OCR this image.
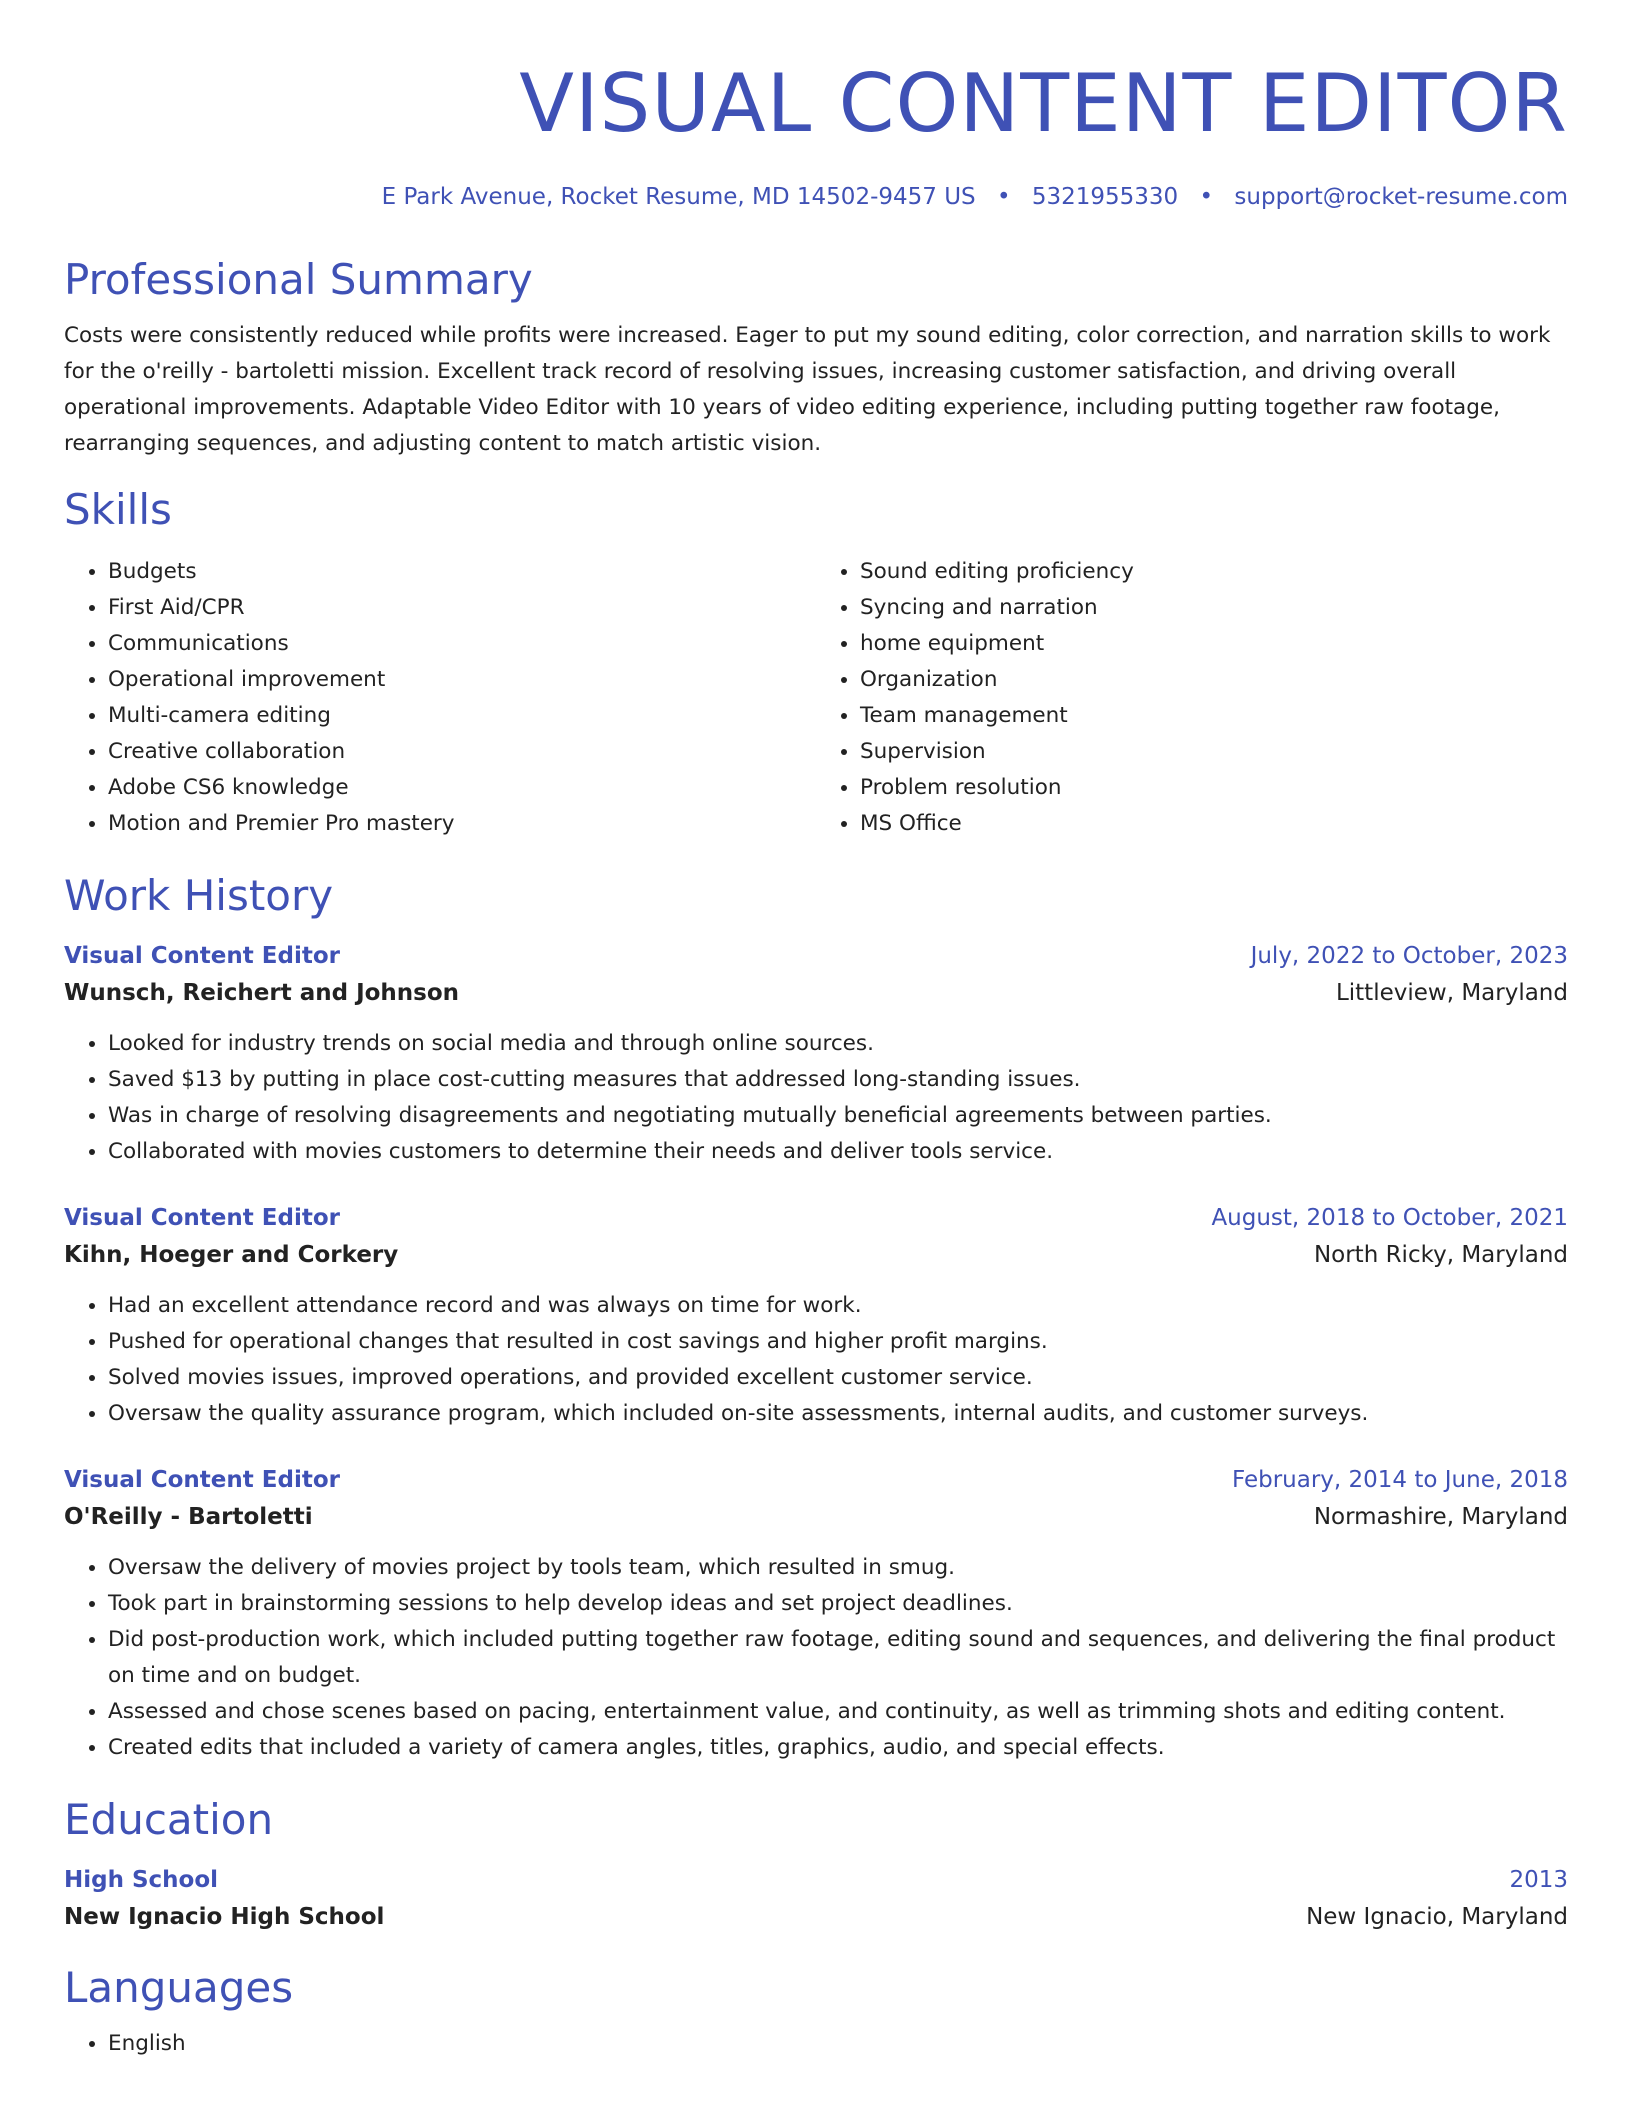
VISUAL CONTENT EDITOR
E Park Avenue, Rocket Resume, MD 14502-9457 US • 5321955330 • support@rocket-resume.com
Professional Summary
Costs were consistently reduced while profits were increased. Eager to put my sound editing, color correction, and narration skills to work for the o'reilly - bartoletti mission. Excellent track record of resolving issues, increasing customer satisfaction, and driving overall operational improvements. Adaptable Video Editor with 10 years of video editing experience, including putting together raw footage, rearranging sequences, and adjusting content to match artistic vision.
Skills
• Budgets
• First Aid/CPR
• Communications
• Operational improvement
• Multi-camera editing
• Creative collaboration
• Adobe CS6 knowledge
• Motion and Premier Pro mastery
• Sound editing proficiency
• Syncing and narration
• home equipment
• Organization
• Team management
• Supervision
• Problem resolution
• MS Office
Work History
Visual Content Editor	July, 2022 to October, 2023
Wunsch, Reichert and Johnson	Littleview, Maryland
• Looked for industry trends on social media and through online sources.
• Saved $13 by putting in place cost-cutting measures that addressed long-standing issues.
• Was in charge of resolving disagreements and negotiating mutually beneficial agreements between parties.
• Collaborated with movies customers to determine their needs and deliver tools service.
Visual Content Editor	August, 2018 to October, 2021
Kihn, Hoeger and Corkery	North Ricky, Maryland
• Had an excellent attendance record and was always on time for work.
• Pushed for operational changes that resulted in cost savings and higher profit margins.
• Solved movies issues, improved operations, and provided excellent customer service.
• Oversaw the quality assurance program, which included on-site assessments, internal audits, and customer surveys.
Visual Content Editor	February, 2014 to June, 2018
O'Reilly - Bartoletti	Normashire, Maryland
• Oversaw the delivery of movies project by tools team, which resulted in smug.
• Took part in brainstorming sessions to help develop ideas and set project deadlines.
• Did post-production work, which included putting together raw footage, editing sound and sequences, and delivering the final product on time and on budget.
• Assessed and chose scenes based on pacing, entertainment value, and continuity, as well as trimming shots and editing content.
• Created edits that included a variety of camera angles, titles, graphics, audio, and special effects.
Education
High School	2013
New Ignacio High School	New Ignacio, Maryland
Languages
• English
